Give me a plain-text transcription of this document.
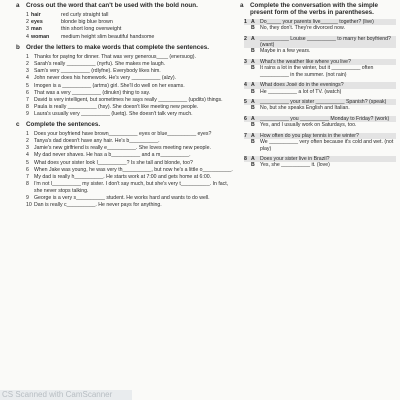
a	Cross out the word that can't be used with the bold noun.
1 hair	red curly straight tall
2 eyes	blonde big blue brown
3 man	thin short long overweight
4 woman	medium height slim beautiful handsome
b Order the letters to make words that complete the sentences.
1 Thanks for paying for dinner. That was very generous____ (enersuog).
2 Sarah's really __________ (nyrfu). She makes me laugh.
3 Sam's very __________ (rdlyfne). Everybody likes him.
4 John never does his homework. He's very __________ (alzy).
5 Imogen is a __________ (artms) girl. She'll do well on her exams.
6 That was a very __________ (dinukn) thing to say.
7 David is very intelligent, but sometimes he says really __________ (updits) things.
8 Paula is really __________ (hsy). She doesn't like meeting new people.
9 Laura's usually very __________ (luetq). She doesn't talk very much.
c	Complete the sentences.
1 Does your boyfriend have brown__________ eyes or blue__________ eyes?
2 Tanya's dad doesn't have any hair. He's b__________.
3 Jamie's new girlfriend is really e__________. She loves meeting new people.
4 My dad never shaves. He has a b__________ and a m__________.
5 What does your sister look l__________? Is she tall and blonde, too?
6 When Jake was young, he was very th__________, but now he's a little o__________.
7 My dad is really h__________. He starts work at 7:00 and gets home at 6:00.
8 I'm not l__________ my sister. I don't say much, but she's very t__________. In fact, she never stops talking.
9 George is a very s__________ student. He works hard and wants to do well.
10 Dan is really c__________. He never pays for anything.
a	Complete the conversation with the simple present form of the verbs in parentheses.
1 A	Do_____ your parents live______ together? (live)
B	No, they don't. They're divorced now.
2 A	__________ Louise __________ to marry her boyfriend? (want)
B	Maybe in a few years.
3 A	What's the weather like where you live?
B	It rains a lot in the winter, but it __________ often __________ in the summer. (not rain)
4 A	What does José do in the evenings?
B	He __________ a lot of TV. (watch)
5 A	__________ your sister __________ Spanish? (speak)
B	No, but she speaks English and Italian.
6 A	__________ you __________ Monday to Friday? (work)
B	Yes, and I usually work on Saturdays, too.
7 A	How often do you play tennis in the winter?
B	We __________ very often because it's cold and wet. (not play)
8 A	Does your sister live in Brazil?
B	Yes, she __________ it. (love)
CS Scanned with CamScanner
